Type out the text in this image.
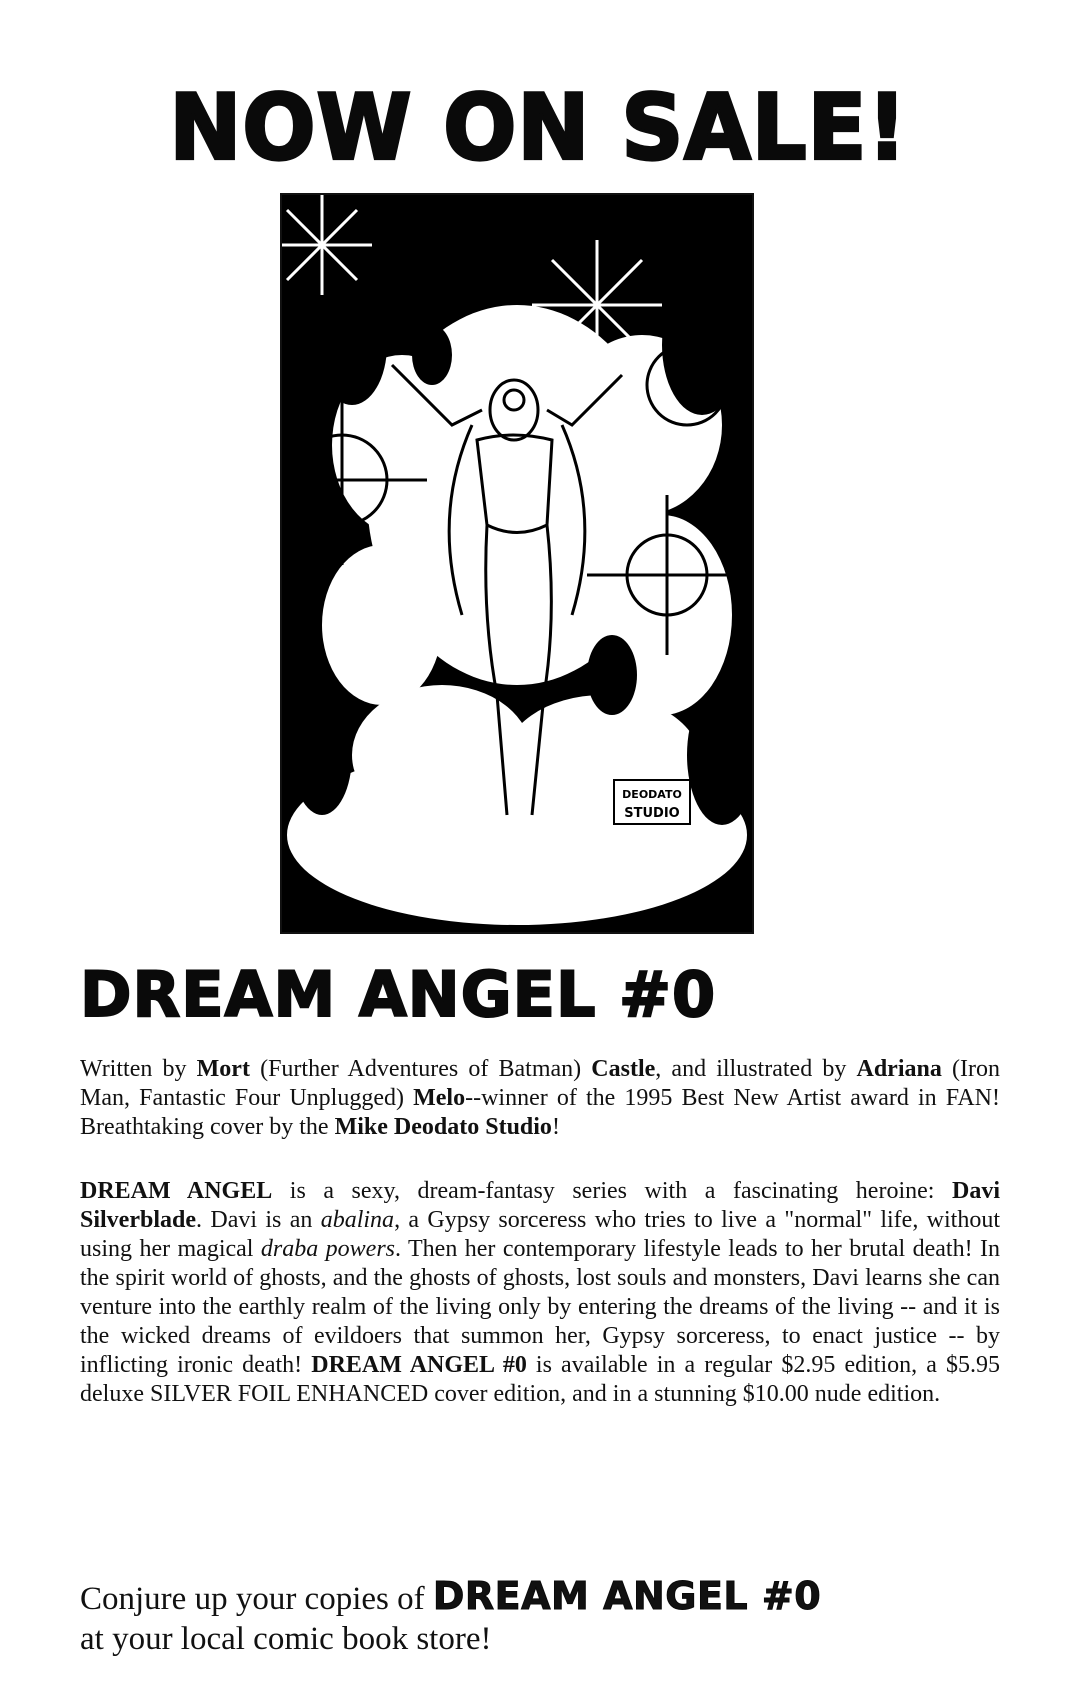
NOW ON SALE!
DEODATO
STUDIO
DREAM ANGEL #0
Written by Mort (Further Adventures of Batman) Castle, and illustrated by Adriana (Iron Man, Fantastic Four Unplugged) Melo--winner of the 1995 Best New Artist award in FAN! Breathtaking cover by the Mike Deodato Studio!
DREAM ANGEL is a sexy, dream-fantasy series with a fascinating heroine: Davi Silverblade. Davi is an abalina, a Gypsy sorceress who tries to live a "normal" life, without using her magical draba powers. Then her contemporary lifestyle leads to her brutal death! In the spirit world of ghosts, and the ghosts of ghosts, lost souls and monsters, Davi learns she can venture into the earthly realm of the living only by entering the dreams of the living -- and it is the wicked dreams of evildoers that summon her, Gypsy sorceress, to enact justice -- by inflicting ironic death! DREAM ANGEL #0 is available in a regular $2.95 edition, a $5.95 deluxe SILVER FOIL ENHANCED cover edition, and in a stunning $10.00 nude edition.
Conjure up your copies of DREAM ANGEL #0
at your local comic book store!
